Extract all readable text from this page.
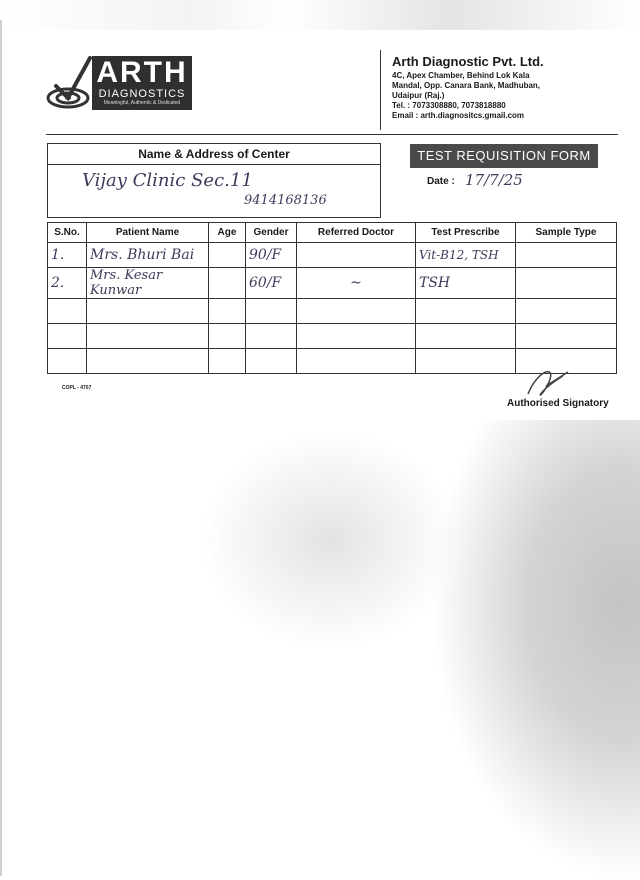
ARTH
DIAGNOSTICS
Meaningful, Authentic & Dedicated
Arth Diagnostic Pvt. Ltd.
4C, Apex Chamber, Behind Lok Kala
Mandal, Opp. Canara Bank, Madhuban,
Udaipur (Raj.)
Tel. : 7073308880, 7073818880
Email : arth.diagnositcs.gmail.com
Name & Address of Center
Vijay Clinic Sec.11
9414168136
TEST REQUISITION FORM
Date : 17/7/25
S.No.	Patient Name	Age	Gender	Referred Doctor	Test Prescribe	Sample Type
1.	Mrs. Bhuri Bai		90/F		Vit-B12, TSH	
2.	Mrs. Kesar Kunwar		60/F	~	TSH	

COPL - 4707
Authorised Signatory
